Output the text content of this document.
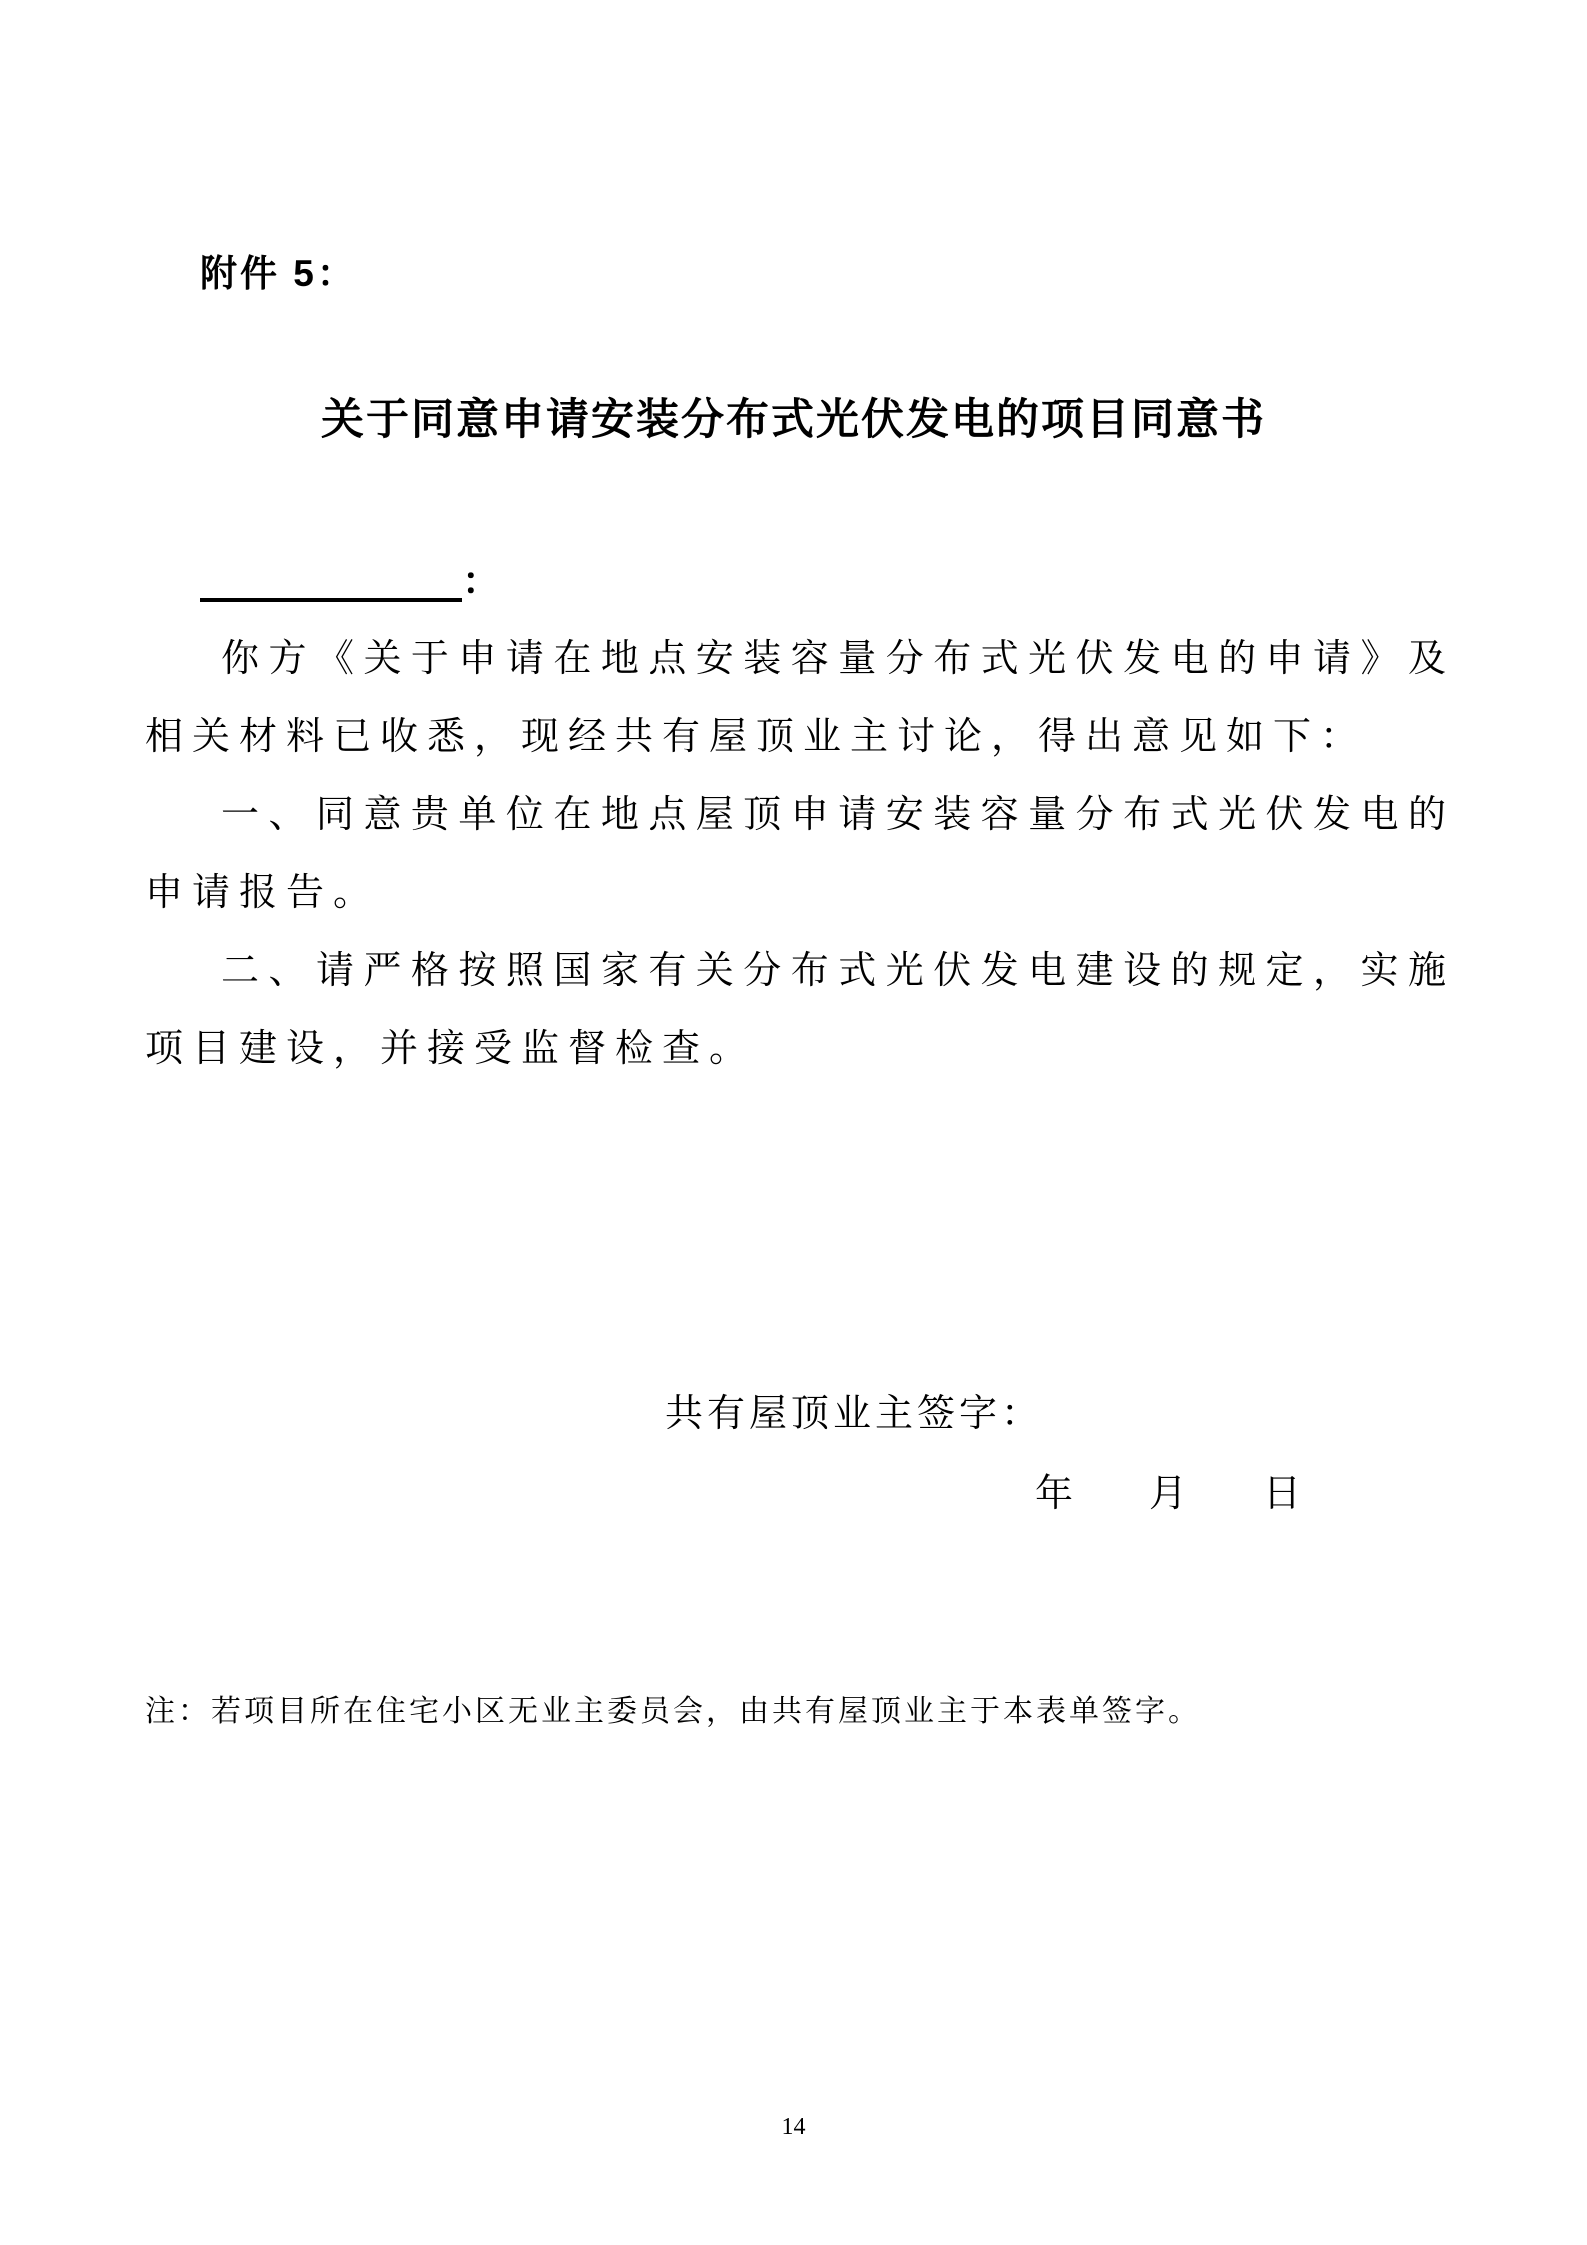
附件 5：
关于同意申请安装分布式光伏发电的项目同意书
：

你方《关于申请在地点安装容量分布式光伏发电的申请》及相关材料已收悉，现经共有屋顶业主讨论，得出意见如下：

一、同意贵单位在地点屋顶申请安装容量分布式光伏发电的申请报告。

二、请严格按照国家有关分布式光伏发电建设的规定，实施项目建设，并接受监督检查。

共有屋顶业主签字：
年　　月　　日
注：若项目所在住宅小区无业主委员会，由共有屋顶业主于本表单签字。
14
